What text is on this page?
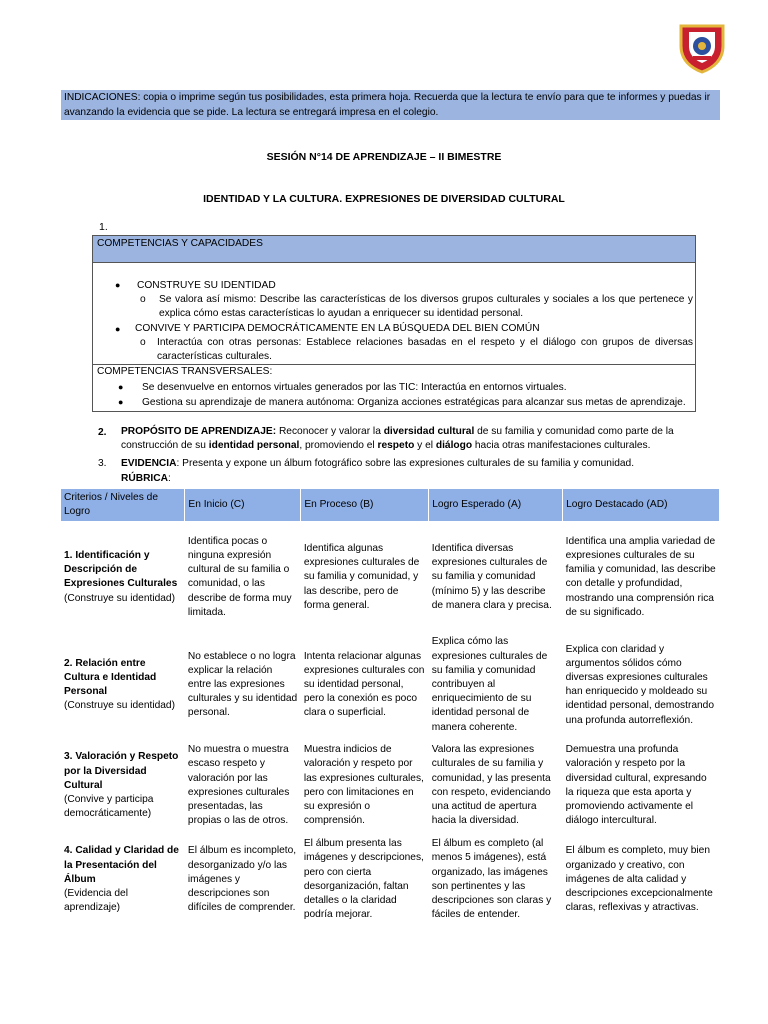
INDICACIONES: copia o imprime según tus posibilidades, esta primera hoja. Recuerda que la lectura te envío para que te informes y puedas ir avanzando la evidencia que se pide. La lectura se entregará impresa en el colegio.
SESIÓN N°14 DE APRENDIZAJE – II BIMESTRE
IDENTIDAD Y LA CULTURA. EXPRESIONES DE DIVERSIDAD CULTURAL
1.
COMPETENCIAS Y CAPACIDADES
● CONSTRUYE SU IDENTIDAD
o Se valora así mismo: Describe las características de los diversos grupos culturales y sociales a los que pertenece y explica cómo estas características lo ayudan a enriquecer su identidad personal.
● CONVIVE Y PARTICIPA DEMOCRÁTICAMENTE EN LA BÚSQUEDA DEL BIEN COMÚN
o Interactúa con otras personas: Establece relaciones basadas en el respeto y el diálogo con grupos de diversas características culturales.
COMPETENCIAS TRANSVERSALES:
● Se desenvuelve en entornos virtuales generados por las TIC: Interactúa en entornos virtuales.
● Gestiona su aprendizaje de manera autónoma: Organiza acciones estratégicas para alcanzar sus metas de aprendizaje.
2. PROPÓSITO DE APRENDIZAJE: Reconocer y valorar la diversidad cultural de su familia y comunidad como parte de la construcción de su identidad personal, promoviendo el respeto y el diálogo hacia otras manifestaciones culturales.
3. EVIDENCIA: Presenta y expone un álbum fotográfico sobre las expresiones culturales de su familia y comunidad.
RÚBRICA:
Criterios / Niveles de Logro	En Inicio (C)	En Proceso (B)	Logro Esperado (A)	Logro Destacado (AD)
1. Identificación y Descripción de Expresiones Culturales
(Construye su identidad)	Identifica pocas o ninguna expresión cultural de su familia o comunidad, o las describe de forma muy limitada.	Identifica algunas expresiones culturales de su familia y comunidad, y las describe, pero de forma general.	Identifica diversas expresiones culturales de su familia y comunidad (mínimo 5) y las describe de manera clara y precisa.	Identifica una amplia variedad de expresiones culturales de su familia y comunidad, las describe con detalle y profundidad, mostrando una comprensión rica de su significado.
2. Relación entre Cultura e Identidad Personal
(Construye su identidad)	No establece o no logra explicar la relación entre las expresiones culturales y su identidad personal.	Intenta relacionar algunas expresiones culturales con su identidad personal, pero la conexión es poco clara o superficial.	Explica cómo las expresiones culturales de su familia y comunidad contribuyen al enriquecimiento de su identidad personal de manera coherente.	Explica con claridad y argumentos sólidos cómo diversas expresiones culturales han enriquecido y moldeado su identidad personal, demostrando una profunda autorreflexión.
3. Valoración y Respeto por la Diversidad Cultural
(Convive y participa democráticamente)	No muestra o muestra escaso respeto y valoración por las expresiones culturales presentadas, las propias o las de otros.	Muestra indicios de valoración y respeto por las expresiones culturales, pero con limitaciones en su expresión o comprensión.	Valora las expresiones culturales de su familia y comunidad, y las presenta con respeto, evidenciando una actitud de apertura hacia la diversidad.	Demuestra una profunda valoración y respeto por la diversidad cultural, expresando la riqueza que esta aporta y promoviendo activamente el diálogo intercultural.
4. Calidad y Claridad de la Presentación del Álbum
(Evidencia del aprendizaje)	El álbum es incompleto, desorganizado y/o las imágenes y descripciones son difíciles de comprender.	El álbum presenta las imágenes y descripciones, pero con cierta desorganización, faltan detalles o la claridad podría mejorar.	El álbum es completo (al menos 5 imágenes), está organizado, las imágenes son pertinentes y las descripciones son claras y fáciles de entender.	El álbum es completo, muy bien organizado y creativo, con imágenes de alta calidad y descripciones excepcionalmente claras, reflexivas y atractivas.
